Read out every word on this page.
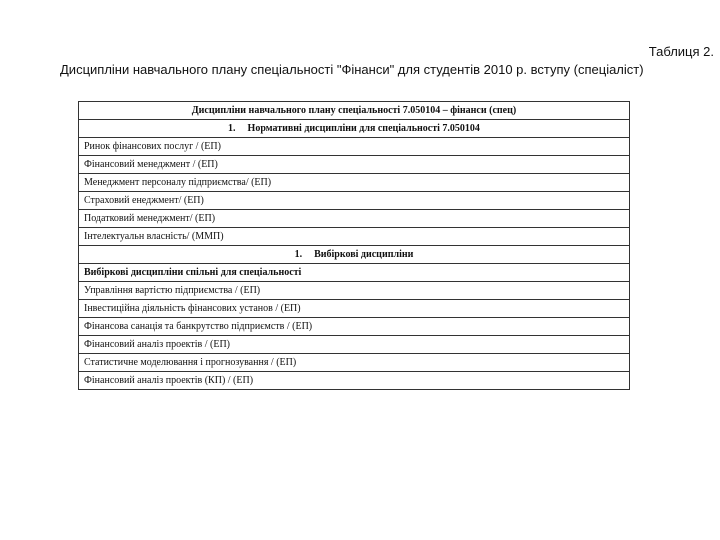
Таблиця 2.
Дисципліни навчального плану спеціальності "Фінанси" для студентів 2010 р. вступу (спеціаліст)
Дисципліни навчального плану спеціальності 7.050104 – фінанси (спец)
1. Нормативні дисципліни для спеціальності 7.050104
Ринок фінансових послуг / (ЕП)
Фінансовий менеджмент / (ЕП)
Менеджмент персоналу підприємства/ (ЕП)
Страховий енеджмент/ (ЕП)
Податковий менеджмент/ (ЕП)
Інтелектуальн власність/ (ММП)
1. Вибіркові дисципліни
Вибіркові дисципліни спільні для спеціальності
Управління вартістю підприємства / (ЕП)
Інвестиційна діяльність фінансових установ / (ЕП)
Фінансова санація та банкрутство підприємств / (ЕП)
Фінансовий аналіз проектів / (ЕП)
Статистичне моделювання і прогнозування / (ЕП)
Фінансовий аналіз проектів (КП) / (ЕП)
